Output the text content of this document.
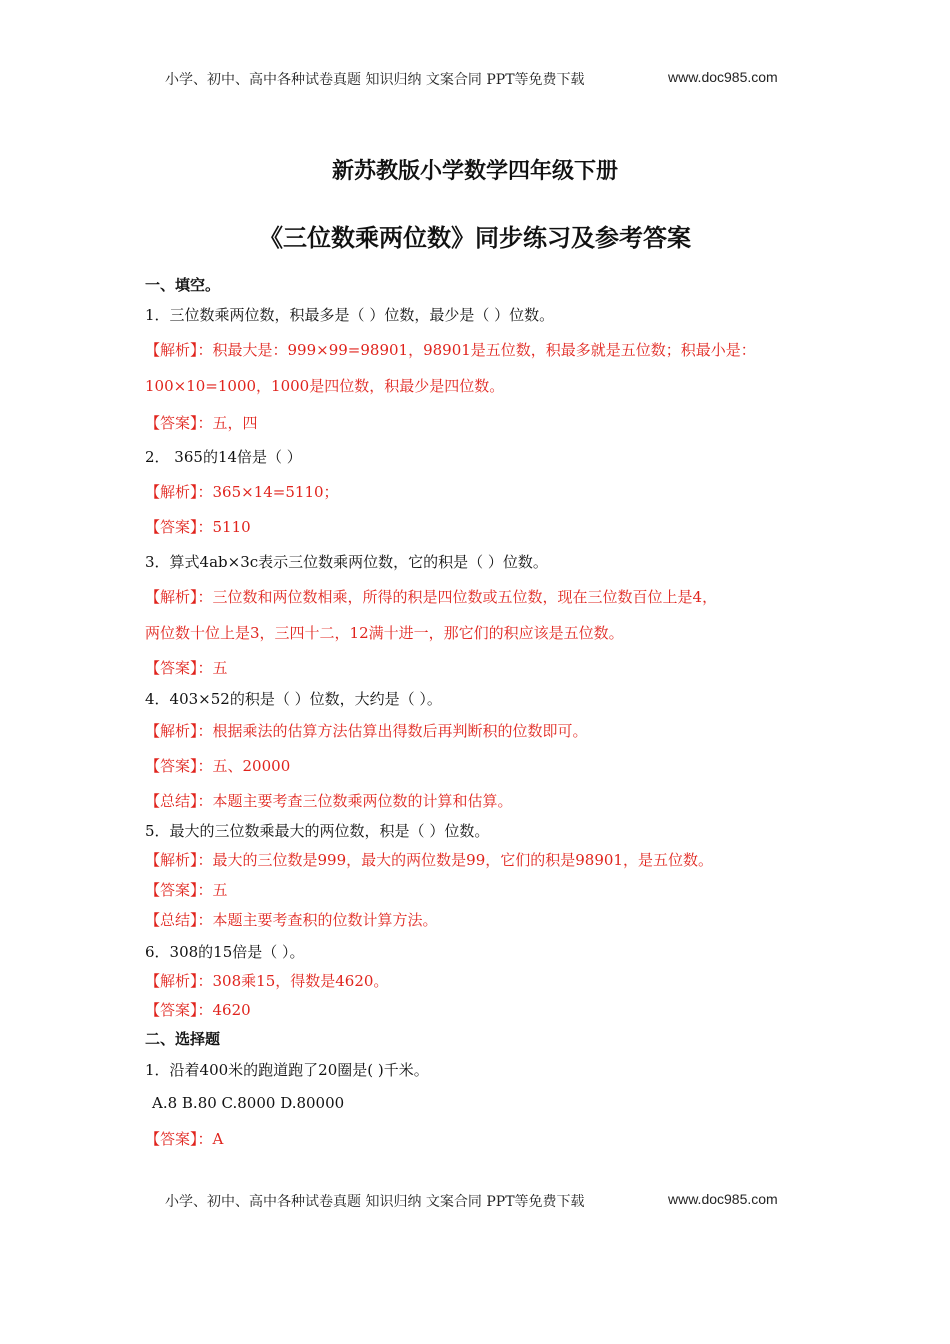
小学、初中、高中各种试卷真题 知识归纳 文案合同 PPT等免费下载	www.doc985.com
新苏教版小学数学四年级下册
《三位数乘两位数》同步练习及参考答案
一、填空。
1．三位数乘两位数，积最多是（ ）位数，最少是（ ）位数。
【解析】：积最大是：999×99=98901，98901是五位数，积最多就是五位数；积最小是：
100×10=1000，1000是四位数，积最少是四位数。
【答案】：五，四
2． 365的14倍是（ ）
【解析】：365×14=5110；
【答案】：5110
3．算式4ab×3c表示三位数乘两位数，它的积是（ ）位数。
【解析】：三位数和两位数相乘，所得的积是四位数或五位数，现在三位数百位上是4，
两位数十位上是3，三四十二，12满十进一，那它们的积应该是五位数。
【答案】：五
4．403×52的积是（ ）位数，大约是（ ）。
【解析】：根据乘法的估算方法估算出得数后再判断积的位数即可。
【答案】：五、20000
【总结】：本题主要考查三位数乘两位数的计算和估算。
5．最大的三位数乘最大的两位数，积是（ ）位数。
【解析】：最大的三位数是999，最大的两位数是99，它们的积是98901，是五位数。
【答案】：五
【总结】：本题主要考查积的位数计算方法。
6．308的15倍是（ ）。
【解析】：308乘15，得数是4620。
【答案】：4620
二、选择题
1．沿着400米的跑道跑了20圈是( )千米。
A.8 B.80 C.8000 D.80000
【答案】：A
小学、初中、高中各种试卷真题 知识归纳 文案合同 PPT等免费下载	www.doc985.com
